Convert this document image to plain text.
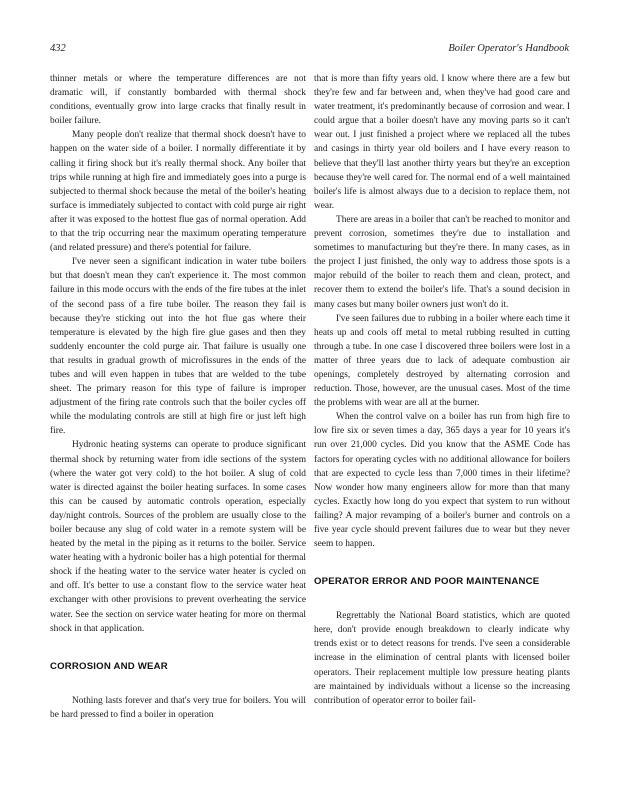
432	Boiler Operator's Handbook

thinner metals or where the temperature differences are not dramatic will, if constantly bombarded with thermal shock conditions, eventually grow into large cracks that finally result in boiler failure.

Many people don't realize that thermal shock doesn't have to happen on the water side of a boiler. I normally differentiate it by calling it firing shock but it's really thermal shock. Any boiler that trips while running at high fire and immediately goes into a purge is subjected to thermal shock because the metal of the boiler's heating surface is immediately subjected to contact with cold purge air right after it was exposed to the hottest flue gas of normal operation. Add to that the trip occurring near the maximum operating temperature (and related pressure) and there's potential for failure.

I've never seen a significant indication in water tube boilers but that doesn't mean they can't experience it. The most common failure in this mode occurs with the ends of the fire tubes at the inlet of the second pass of a fire tube boiler. The reason they fail is because they're sticking out into the hot flue gas where their temperature is elevated by the high fire glue gases and then they suddenly encounter the cold purge air. That failure is usually one that results in gradual growth of microfissures in the ends of the tubes and will even happen in tubes that are welded to the tube sheet. The primary reason for this type of failure is improper adjustment of the firing rate controls such that the boiler cycles off while the modulating controls are still at high fire or just left high fire.

Hydronic heating systems can operate to produce significant thermal shock by returning water from idle sections of the system (where the water got very cold) to the hot boiler. A slug of cold water is directed against the boiler heating surfaces. In some cases this can be caused by automatic controls operation, especially day/night controls. Sources of the problem are usually close to the boiler because any slug of cold water in a remote system will be heated by the metal in the piping as it returns to the boiler. Service water heating with a hydronic boiler has a high potential for thermal shock if the heating water to the service water heater is cycled on and off. It's better to use a constant flow to the service water heat exchanger with other provisions to prevent overheating the service water. See the section on service water heating for more on thermal shock in that application.

CORROSION AND WEAR

Nothing lasts forever and that's very true for boilers. You will be hard pressed to find a boiler in operation

that is more than fifty years old. I know where there are a few but they're few and far between and, when they've had good care and water treatment, it's predominantly because of corrosion and wear. I could argue that a boiler doesn't have any moving parts so it can't wear out. I just finished a project where we replaced all the tubes and casings in thirty year old boilers and I have every reason to believe that they'll last another thirty years but they're an exception because they're well cared for. The normal end of a well maintained boiler's life is almost always due to a decision to replace them, not wear.

There are areas in a boiler that can't be reached to monitor and prevent corrosion, sometimes they're due to installation and sometimes to manufacturing but they're there. In many cases, as in the project I just finished, the only way to address those spots is a major rebuild of the boiler to reach them and clean, protect, and recover them to extend the boiler's life. That's a sound decision in many cases but many boiler owners just won't do it.

I've seen failures due to rubbing in a boiler where each time it heats up and cools off metal to metal rubbing resulted in cutting through a tube. In one case I discovered three boilers were lost in a matter of three years due to lack of adequate combustion air openings, completely destroyed by alternating corrosion and reduction. Those, however, are the unusual cases. Most of the time the problems with wear are all at the burner.

When the control valve on a boiler has run from high fire to low fire six or seven times a day, 365 days a year for 10 years it's run over 21,000 cycles. Did you know that the ASME Code has factors for operating cycles with no additional allowance for boilers that are expected to cycle less than 7,000 times in their lifetime? Now wonder how many engineers allow for more than that many cycles. Exactly how long do you expect that system to run without failing? A major revamping of a boiler's burner and controls on a five year cycle should prevent failures due to wear but they never seem to happen.

OPERATOR ERROR AND POOR MAINTENANCE

Regrettably the National Board statistics, which are quoted here, don't provide enough breakdown to clearly indicate why trends exist or to detect reasons for trends. I've seen a considerable increase in the elimination of central plants with licensed boiler operators. Their replacement multiple low pressure heating plants are maintained by individuals without a license so the increasing contribution of operator error to boiler fail-
